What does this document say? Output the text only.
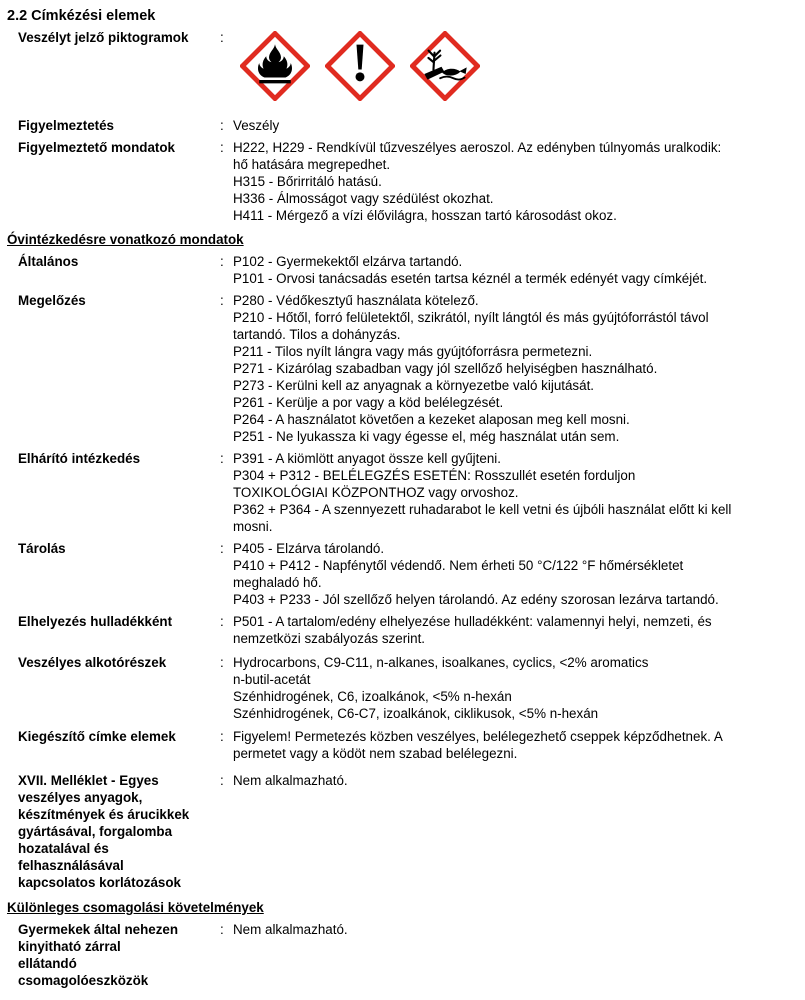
2.2 Címkézési elemek
Veszélyt jelző piktogramok	:
Figyelmeztetés	: Veszély
Figyelmeztető mondatok	: H222, H229 - Rendkívül tűzveszélyes aeroszol. Az edényben túlnyomás uralkodik:
hő hatására megrepedhet.
H315 - Bőrirritáló hatású.
H336 - Álmosságot vagy szédülést okozhat.
H411 - Mérgező a vízi élővilágra, hosszan tartó károsodást okoz.
Óvintézkedésre vonatkozó mondatok
Általános	: P102 - Gyermekektől elzárva tartandó.
P101 - Orvosi tanácsadás esetén tartsa kéznél a termék edényét vagy címkéjét.
Megelőzés	: P280 - Védőkesztyű használata kötelező.
P210 - Hőtől, forró felületektől, szikrától, nyílt lángtól és más gyújtóforrástól távol
tartandó. Tilos a dohányzás.
P211 - Tilos nyílt lángra vagy más gyújtóforrásra permetezni.
P271 - Kizárólag szabadban vagy jól szellőző helyiségben használható.
P273 - Kerülni kell az anyagnak a környezetbe való kijutását.
P261 - Kerülje a por vagy a köd belélegzését.
P264 - A használatot követően a kezeket alaposan meg kell mosni.
P251 - Ne lyukassza ki vagy égesse el, még használat után sem.
Elhárító intézkedés	: P391 - A kiömlött anyagot össze kell gyűjteni.
P304 + P312 - BELÉLEGZÉS ESETÉN: Rosszullét esetén forduljon
TOXIKOLÓGIAI KÖZPONTHOZ vagy orvoshoz.
P362 + P364 - A szennyezett ruhadarabot le kell vetni és újbóli használat előtt ki kell
mosni.
Tárolás	: P405 - Elzárva tárolandó.
P410 + P412 - Napfénytől védendő. Nem érheti 50 °C/122 °F hőmérsékletet
meghaladó hő.
P403 + P233 - Jól szellőző helyen tárolandó. Az edény szorosan lezárva tartandó.
Elhelyezés hulladékként	: P501 - A tartalom/edény elhelyezése hulladékként: valamennyi helyi, nemzeti, és
nemzetközi szabályozás szerint.
Veszélyes alkotórészek	: Hydrocarbons, C9-C11, n-alkanes, isoalkanes, cyclics, <2% aromatics
n-butil-acetát
Szénhidrogének, C6, izoalkánok, <5% n-hexán
Szénhidrogének, C6-C7, izoalkánok, ciklikusok, <5% n-hexán
Kiegészítő címke elemek	: Figyelem! Permetezés közben veszélyes, belélegezhető cseppek képződhetnek. A
permetet vagy a ködöt nem szabad belélegezni.
XVII. Melléklet - Egyes
veszélyes anyagok,
készítmények és árucikkek
gyártásával, forgalomba
hozatalával és
felhasználásával
kapcsolatos korlátozások
: Nem alkalmazható.
Különleges csomagolási követelmények
Gyermekek által nehezen
kinyitható zárral
ellátandó
csomagolóeszközök
: Nem alkalmazható.
